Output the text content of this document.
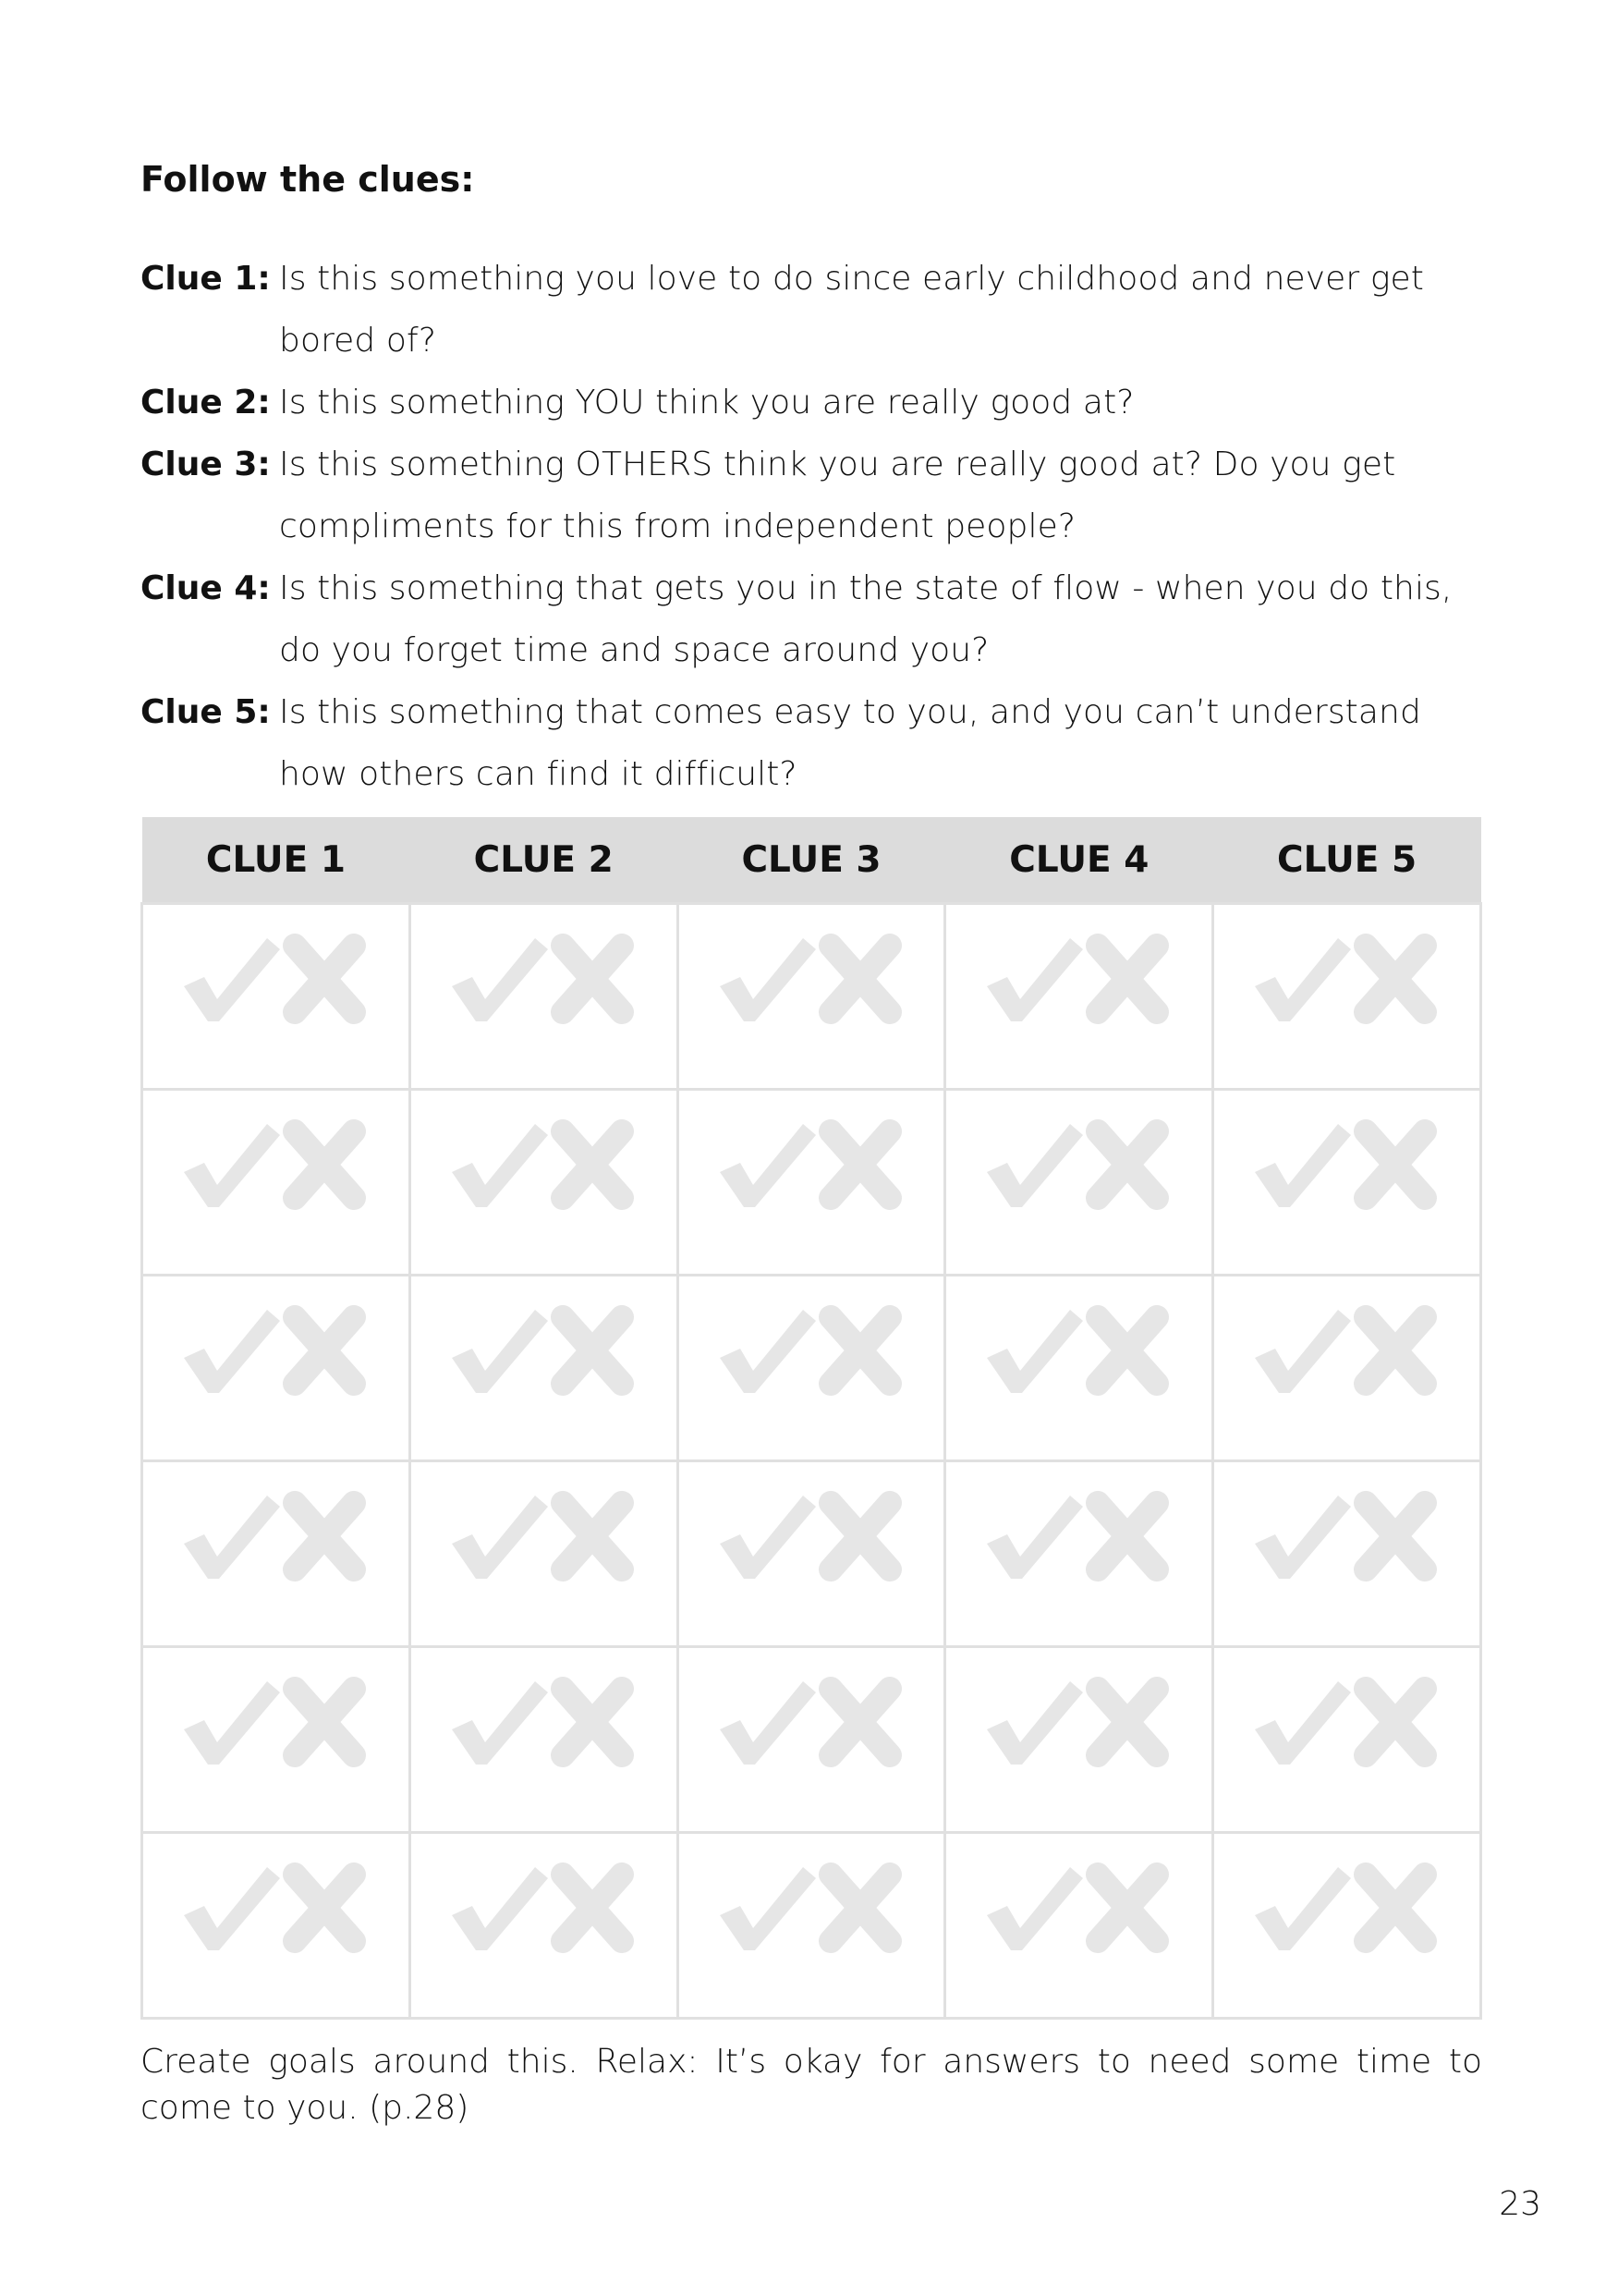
Follow the clues:
Clue 1: Is this something you love to do since early childhood and never get bored of?
Clue 2: Is this something YOU think you are really good at?
Clue 3: Is this something OTHERS think you are really good at? Do you get compliments for this from independent people?
Clue 4: Is this something that gets you in the state of flow - when you do this, do you forget time and space around you?
Clue 5: Is this something that comes easy to you, and you can’t understand how others can find it difficult?
CLUE 1	CLUE 2	CLUE 3	CLUE 4	CLUE 5

Create goals around this. Relax: It’s okay for answers to need some time to come to you. (p.28)
23
